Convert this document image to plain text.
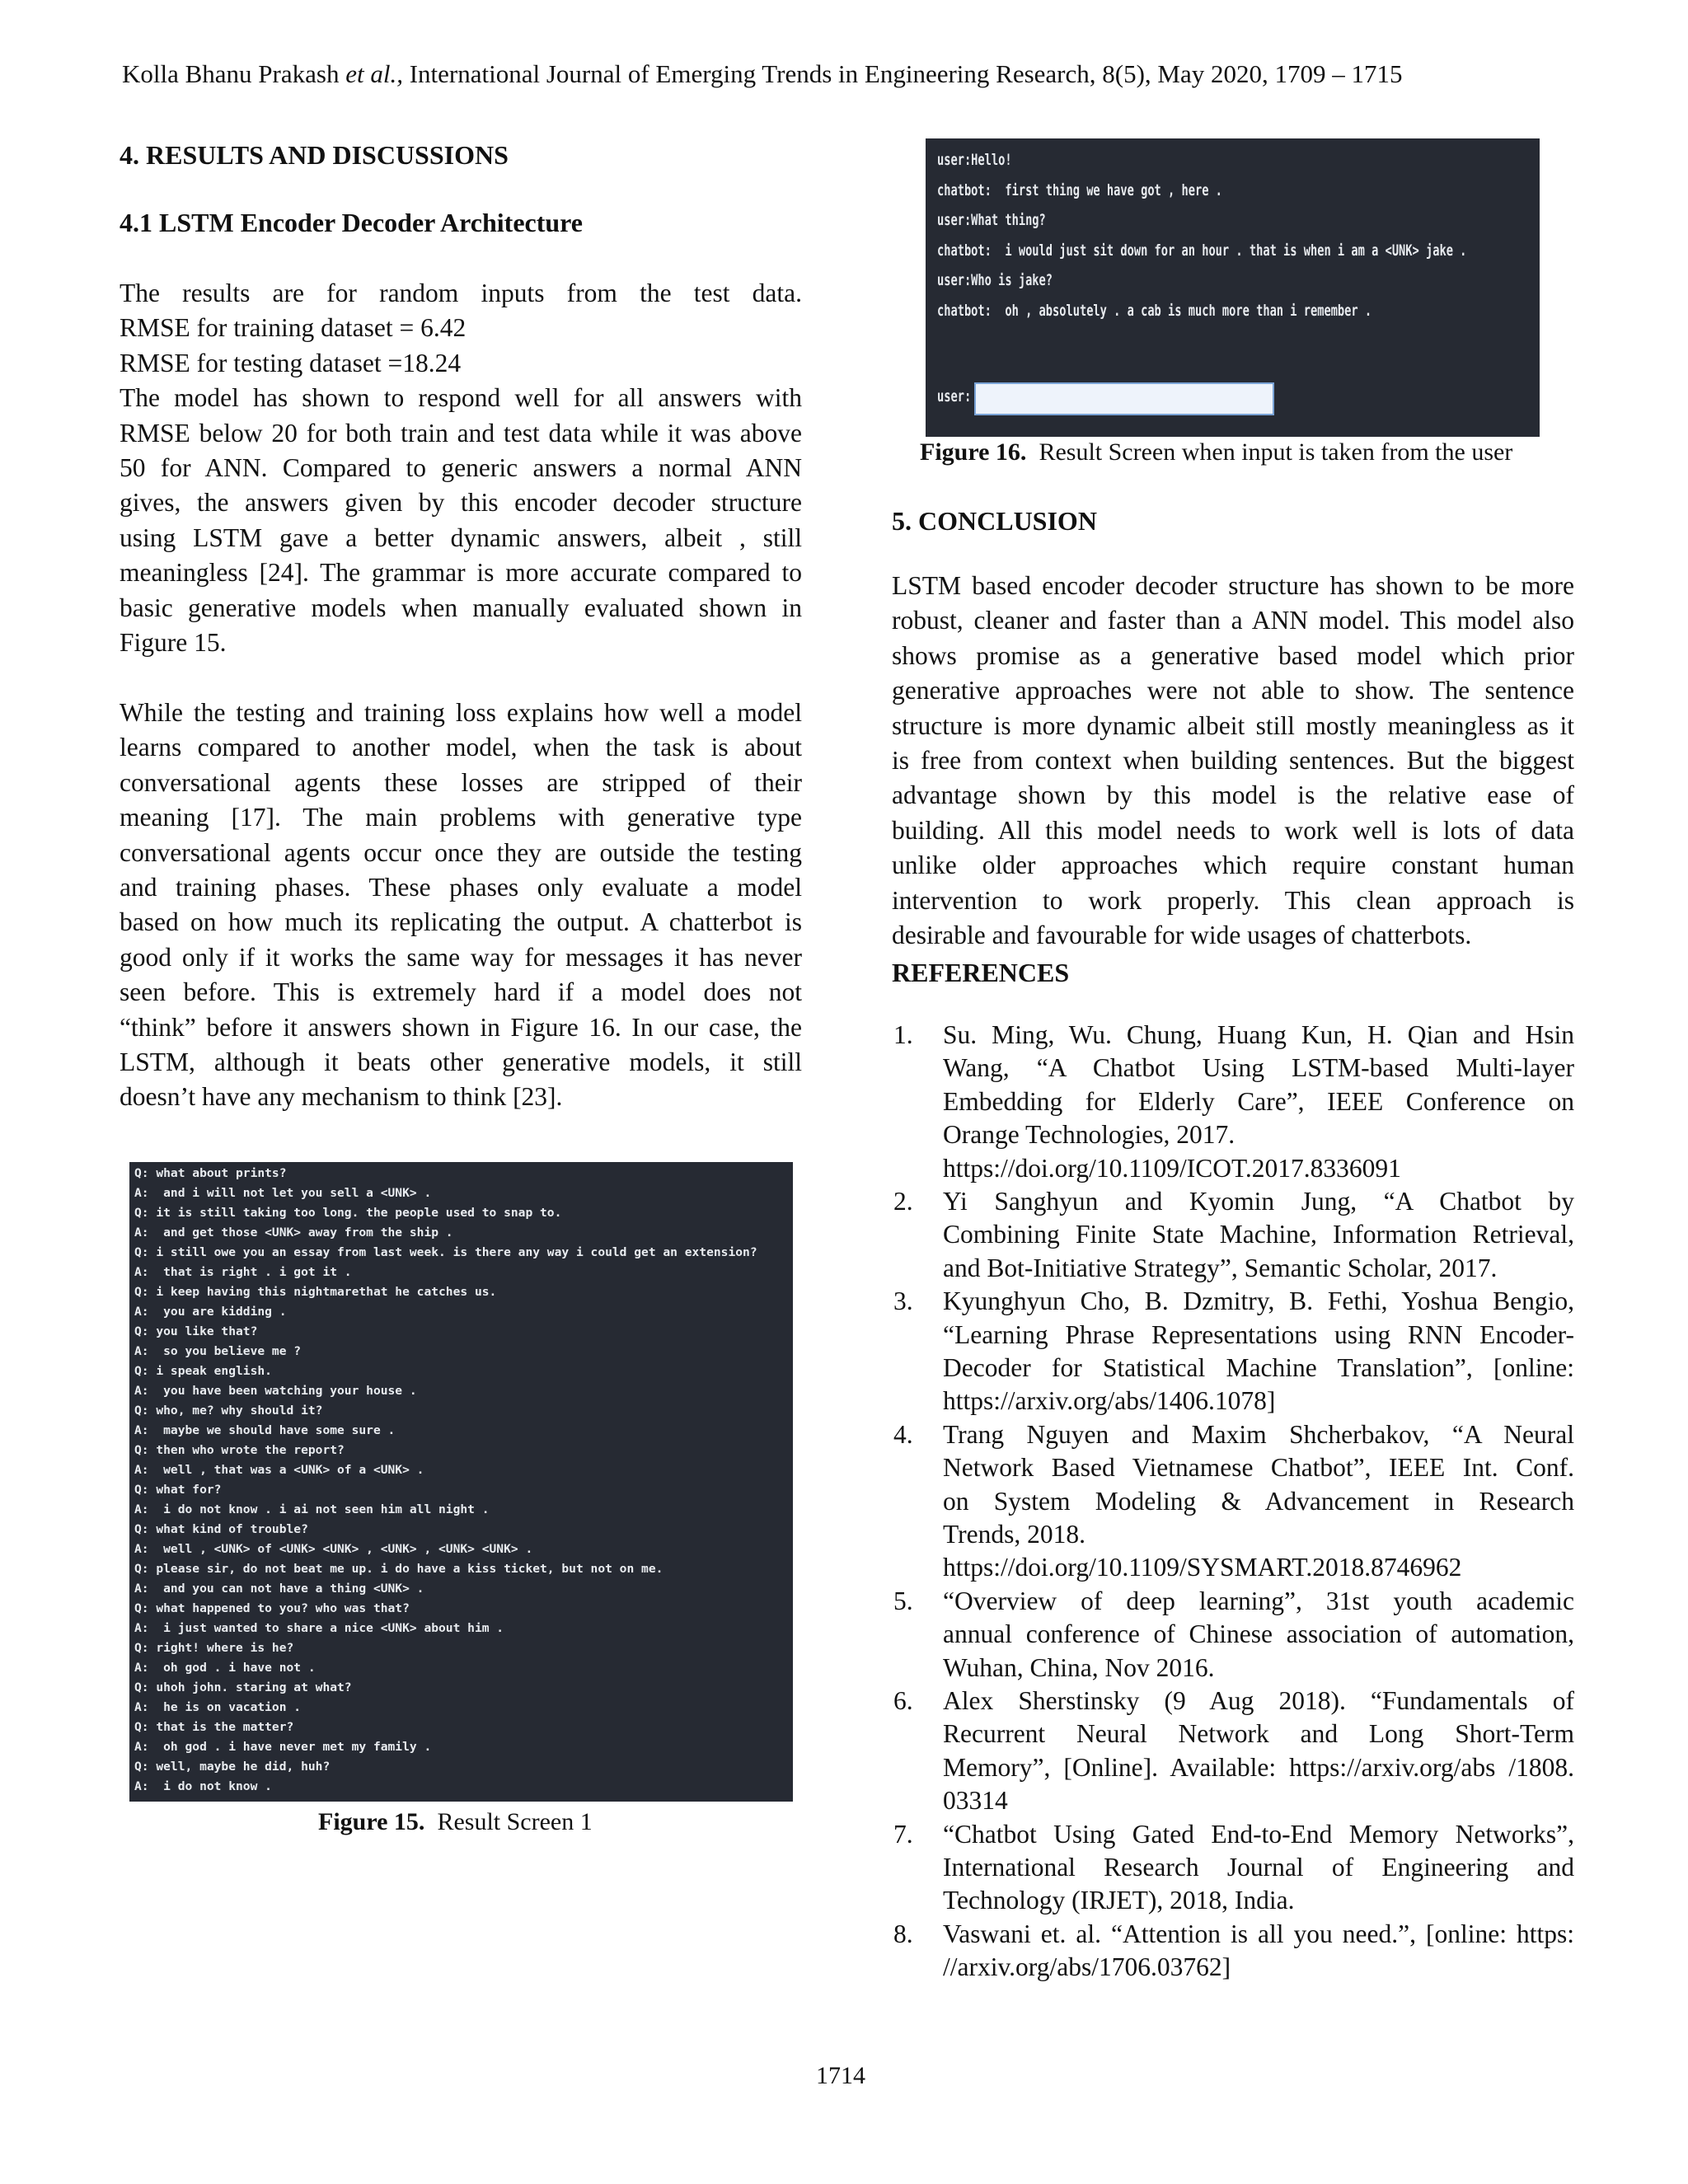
Kolla Bhanu Prakash et al., International Journal of Emerging Trends in Engineering Research, 8(5), May 2020, 1709 – 1715
4. RESULTS AND DISCUSSIONS
4.1 LSTM Encoder Decoder Architecture
The results are for random inputs from the test data.
RMSE for training dataset = 6.42
RMSE for testing dataset =18.24
The model has shown to respond well for all answers with
RMSE below 20 for both train and test data while it was above
50 for ANN. Compared to generic answers a normal ANN
gives, the answers given by this encoder decoder structure
using LSTM gave a better dynamic answers, albeit , still
meaningless [24]. The grammar is more accurate compared to
basic generative models when manually evaluated shown in
Figure 15.
While the testing and training loss explains how well a model
learns compared to another model, when the task is about
conversational agents these losses are stripped of their
meaning [17]. The main problems with generative type
conversational agents occur once they are outside the testing
and training phases. These phases only evaluate a model
based on how much its replicating the output. A chatterbot is
good only if it works the same way for messages it has never
seen before. This is extremely hard if a model does not
“think” before it answers shown in Figure 16. In our case, the
LSTM, although it beats other generative models, it still
doesn’t have any mechanism to think [23].
Q: what about prints?
A:  and i will not let you sell a <UNK> .
Q: it is still taking too long. the people used to snap to.
A:  and get those <UNK> away from the ship .
Q: i still owe you an essay from last week. is there any way i could get an extension?
A:  that is right . i got it .
Q: i keep having this nightmarethat he catches us.
A:  you are kidding .
Q: you like that?
A:  so you believe me ?
Q: i speak english.
A:  you have been watching your house .
Q: who, me? why should it?
A:  maybe we should have some sure .
Q: then who wrote the report?
A:  well , that was a <UNK> of a <UNK> .
Q: what for?
A:  i do not know . i ai not seen him all night .
Q: what kind of trouble?
A:  well , <UNK> of <UNK> <UNK> , <UNK> , <UNK> <UNK> .
Q: please sir, do not beat me up. i do have a kiss ticket, but not on me.
A:  and you can not have a thing <UNK> .
Q: what happened to you? who was that?
A:  i just wanted to share a nice <UNK> about him .
Q: right! where is he?
A:  oh god . i have not .
Q: uhoh john. staring at what?
A:  he is on vacation .
Q: that is the matter?
A:  oh god . i have never met my family .
Q: well, maybe he did, huh?
A:  i do not know .
Figure 15. Result Screen 1
user:Hello!
chatbot:  first thing we have got , here .
user:What thing?
chatbot:  i would just sit down for an hour . that is when i am a <UNK> jake .
user:Who is jake?
chatbot:  oh , absolutely . a cab is much more than i remember .
user:
Figure 16. Result Screen when input is taken from the user
5. CONCLUSION
LSTM based encoder decoder structure has shown to be more
robust, cleaner and faster than a ANN model. This model also
shows promise as a generative based model which prior
generative approaches were not able to show. The sentence
structure is more dynamic albeit still mostly meaningless as it
is free from context when building sentences. But the biggest
advantage shown by this model is the relative ease of
building. All this model needs to work well is lots of data
unlike older approaches which require constant human
intervention to work properly. This clean approach is
desirable and favourable for wide usages of chatterbots.
REFERENCES
1. Su. Ming, Wu. Chung, Huang Kun, H. Qian and Hsin
Wang, “A Chatbot Using LSTM-based Multi-layer
Embedding for Elderly Care”, IEEE Conference on
Orange Technologies, 2017.
https://doi.org/10.1109/ICOT.2017.8336091
2. Yi Sanghyun and Kyomin Jung, “A Chatbot by
Combining Finite State Machine, Information Retrieval,
and Bot-Initiative Strategy”, Semantic Scholar, 2017.
3. Kyunghyun Cho, B. Dzmitry, B. Fethi, Yoshua Bengio,
“Learning Phrase Representations using RNN Encoder-
Decoder for Statistical Machine Translation”, [online:
https://arxiv.org/abs/1406.1078]
4. Trang Nguyen and Maxim Shcherbakov, “A Neural
Network Based Vietnamese Chatbot”, IEEE Int. Conf.
on System Modeling & Advancement in Research
Trends, 2018.
https://doi.org/10.1109/SYSMART.2018.8746962
5. “Overview of deep learning”, 31st youth academic
annual conference of Chinese association of automation,
Wuhan, China, Nov 2016.
6. Alex Sherstinsky (9 Aug 2018). “Fundamentals of
Recurrent Neural Network and Long Short-Term
Memory”, [Online]. Available: https://arxiv.org/abs /1808.
03314
7. “Chatbot Using Gated End-to-End Memory Networks”,
International Research Journal of Engineering and
Technology (IRJET), 2018, India.
8. Vaswani et. al. “Attention is all you need.”, [online: https:
//arxiv.org/abs/1706.03762]
1714
